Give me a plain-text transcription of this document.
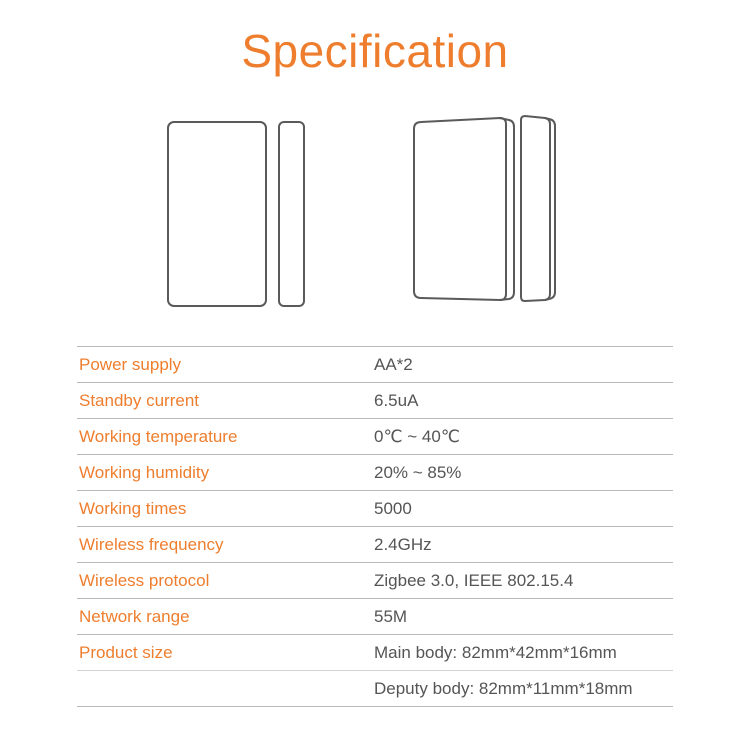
Specification
Power supply	AA*2
Standby current	6.5uA
Working temperature	0℃ ~ 40℃
Working humidity	20% ~ 85%
Working times	5000
Wireless frequency	2.4GHz
Wireless protocol	Zigbee 3.0, IEEE 802.15.4
Network range	55M
Product size	Main body: 82mm*42mm*16mm
	Deputy body: 82mm*11mm*18mm
